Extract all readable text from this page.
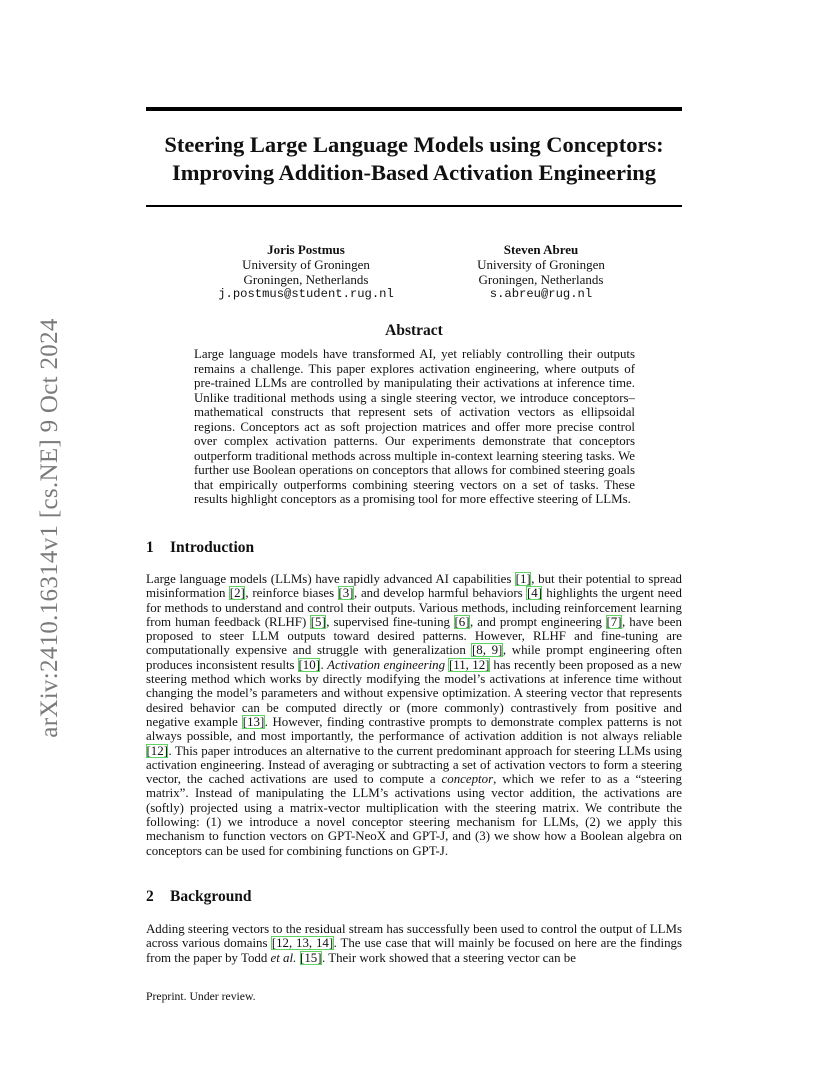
arXiv:2410.16314v1 [cs.NE] 9 Oct 2024
Steering Large Language Models using Conceptors:
Improving Addition-Based Activation Engineering
Joris Postmus
University of Groningen
Groningen, Netherlands
j.postmus@student.rug.nl
Steven Abreu
University of Groningen
Groningen, Netherlands
s.abreu@rug.nl
Abstract

Large language models have transformed AI, yet reliably controlling their outputs remains a challenge. This paper explores activation engineering, where outputs of pre-trained LLMs are controlled by manipulating their activations at inference time. Unlike traditional methods using a single steering vector, we introduce conceptors–mathematical constructs that represent sets of activation vectors as ellipsoidal regions. Conceptors act as soft projection matrices and offer more precise control over complex activation patterns. Our experiments demonstrate that conceptors outperform traditional methods across multiple in-context learning steering tasks. We further use Boolean operations on conceptors that allows for combined steering goals that empirically outperforms combining steering vectors on a set of tasks. These results highlight conceptors as a promising tool for more effective steering of LLMs.

1 Introduction

Large language models (LLMs) have rapidly advanced AI capabilities [1], but their potential to spread misinformation [2], reinforce biases [3], and develop harmful behaviors [4] highlights the urgent need for methods to understand and control their outputs. Various methods, including reinforcement learning from human feedback (RLHF) [5], supervised fine-tuning [6], and prompt engineering [7], have been proposed to steer LLM outputs toward desired patterns. However, RLHF and fine-tuning are computationally expensive and struggle with generalization [8, 9], while prompt engineering often produces inconsistent results [10]. Activation engineering [11, 12] has recently been proposed as a new steering method which works by directly modifying the model’s activations at inference time without changing the model’s parameters and without expensive optimization. A steering vector that represents desired behavior can be computed directly or (more commonly) contrastively from positive and negative example [13]. However, finding contrastive prompts to demonstrate complex patterns is not always possible, and most importantly, the performance of activation addition is not always reliable [12]. This paper introduces an alternative to the current predominant approach for steering LLMs using activation engineering. Instead of averaging or subtracting a set of activation vectors to form a steering vector, the cached activations are used to compute a conceptor, which we refer to as a “steering matrix”. Instead of manipulating the LLM’s activations using vector addition, the activations are (softly) projected using a matrix-vector multiplication with the steering matrix. We contribute the following: (1) we introduce a novel conceptor steering mechanism for LLMs, (2) we apply this mechanism to function vectors on GPT-NeoX and GPT-J, and (3) we show how a Boolean algebra on conceptors can be used for combining functions on GPT-J.

2 Background

Adding steering vectors to the residual stream has successfully been used to control the output of LLMs across various domains [12, 13, 14]. The use case that will mainly be focused on here are the findings from the paper by Todd et al. [15]. Their work showed that a steering vector can be

Preprint. Under review.
